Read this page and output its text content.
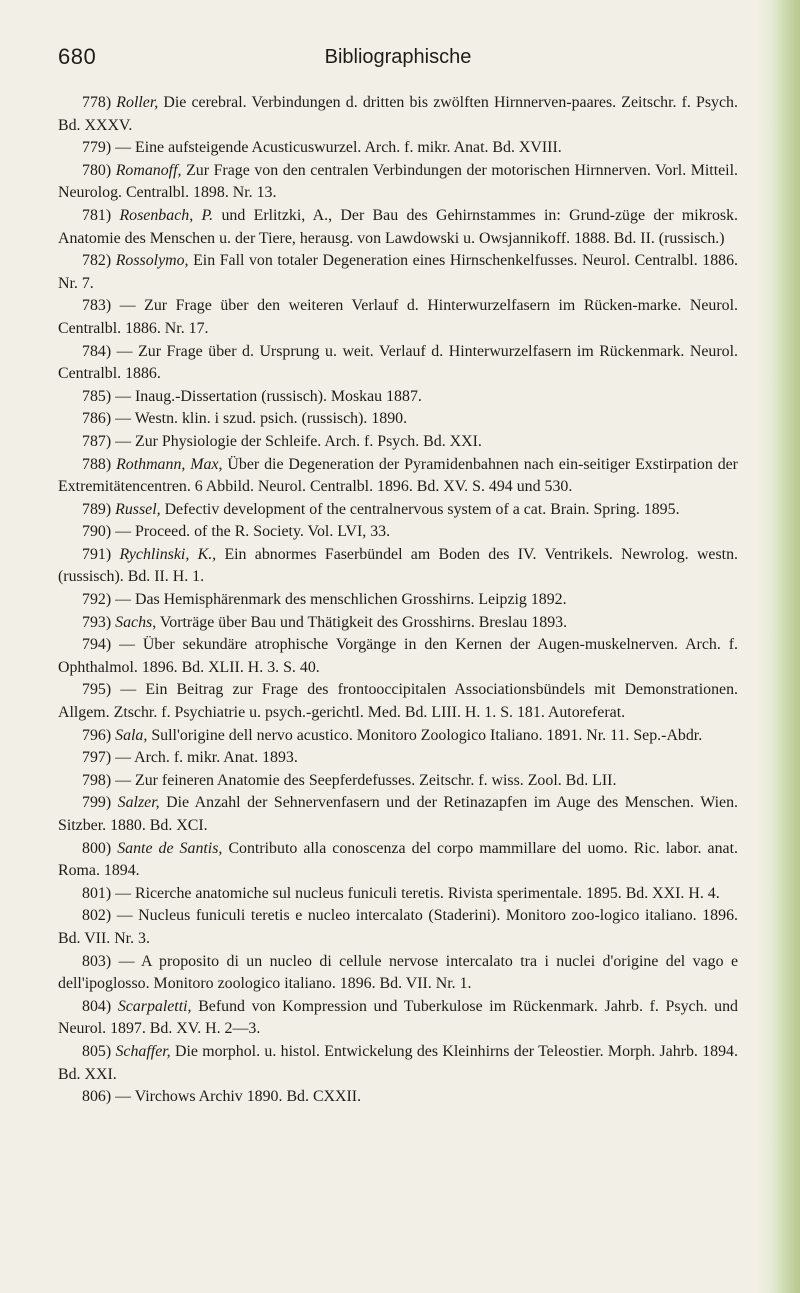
680	Bibliographische

778) Roller, Die cerebral. Verbindungen d. dritten bis zwölften Hirnnerven-paares. Zeitschr. f. Psych. Bd. XXXV.

779) — Eine aufsteigende Acusticuswurzel. Arch. f. mikr. Anat. Bd. XVIII.

780) Romanoff, Zur Frage von den centralen Verbindungen der motorischen Hirnnerven. Vorl. Mitteil. Neurolog. Centralbl. 1898. Nr. 13.

781) Rosenbach, P. und Erlitzki, A., Der Bau des Gehirnstammes in: Grund-züge der mikrosk. Anatomie des Menschen u. der Tiere, herausg. von Lawdowski u. Owsjannikoff. 1888. Bd. II. (russisch.)

782) Rossolymo, Ein Fall von totaler Degeneration eines Hirnschenkelfusses. Neurol. Centralbl. 1886. Nr. 7.

783) — Zur Frage über den weiteren Verlauf d. Hinterwurzelfasern im Rücken-marke. Neurol. Centralbl. 1886. Nr. 17.

784) — Zur Frage über d. Ursprung u. weit. Verlauf d. Hinterwurzelfasern im Rückenmark. Neurol. Centralbl. 1886.

785) — Inaug.-Dissertation (russisch). Moskau 1887.

786) — Westn. klin. i szud. psich. (russisch). 1890.

787) — Zur Physiologie der Schleife. Arch. f. Psych. Bd. XXI.

788) Rothmann, Max, Über die Degeneration der Pyramidenbahnen nach ein-seitiger Exstirpation der Extremitätencentren. 6 Abbild. Neurol. Centralbl. 1896. Bd. XV. S. 494 und 530.

789) Russel, Defectiv development of the centralnervous system of a cat. Brain. Spring. 1895.

790) — Proceed. of the R. Society. Vol. LVI, 33.

791) Rychlinski, K., Ein abnormes Faserbündel am Boden des IV. Ventrikels. Newrolog. westn. (russisch). Bd. II. H. 1.

792) — Das Hemisphärenmark des menschlichen Grosshirns. Leipzig 1892.

793) Sachs, Vorträge über Bau und Thätigkeit des Grosshirns. Breslau 1893.

794) — Über sekundäre atrophische Vorgänge in den Kernen der Augen-muskelnerven. Arch. f. Ophthalmol. 1896. Bd. XLII. H. 3. S. 40.

795) — Ein Beitrag zur Frage des frontooccipitalen Associationsbündels mit Demonstrationen. Allgem. Ztschr. f. Psychiatrie u. psych.-gerichtl. Med. Bd. LIII. H. 1. S. 181. Autoreferat.

796) Sala, Sull'origine dell nervo acustico. Monitoro Zoologico Italiano. 1891. Nr. 11. Sep.-Abdr.

797) — Arch. f. mikr. Anat. 1893.

798) — Zur feineren Anatomie des Seepferdefusses. Zeitschr. f. wiss. Zool. Bd. LII.

799) Salzer, Die Anzahl der Sehnervenfasern und der Retinazapfen im Auge des Menschen. Wien. Sitzber. 1880. Bd. XCI.

800) Sante de Santis, Contributo alla conoscenza del corpo mammillare del uomo. Ric. labor. anat. Roma. 1894.

801) — Ricerche anatomiche sul nucleus funiculi teretis. Rivista sperimentale. 1895. Bd. XXI. H. 4.

802) — Nucleus funiculi teretis e nucleo intercalato (Staderini). Monitoro zoo-logico italiano. 1896. Bd. VII. Nr. 3.

803) — A proposito di un nucleo di cellule nervose intercalato tra i nuclei d'origine del vago e dell'ipoglosso. Monitoro zoologico italiano. 1896. Bd. VII. Nr. 1.

804) Scarpaletti, Befund von Kompression und Tuberkulose im Rückenmark. Jahrb. f. Psych. und Neurol. 1897. Bd. XV. H. 2—3.

805) Schaffer, Die morphol. u. histol. Entwickelung des Kleinhirns der Teleostier. Morph. Jahrb. 1894. Bd. XXI.

806) — Virchows Archiv 1890. Bd. CXXII.
